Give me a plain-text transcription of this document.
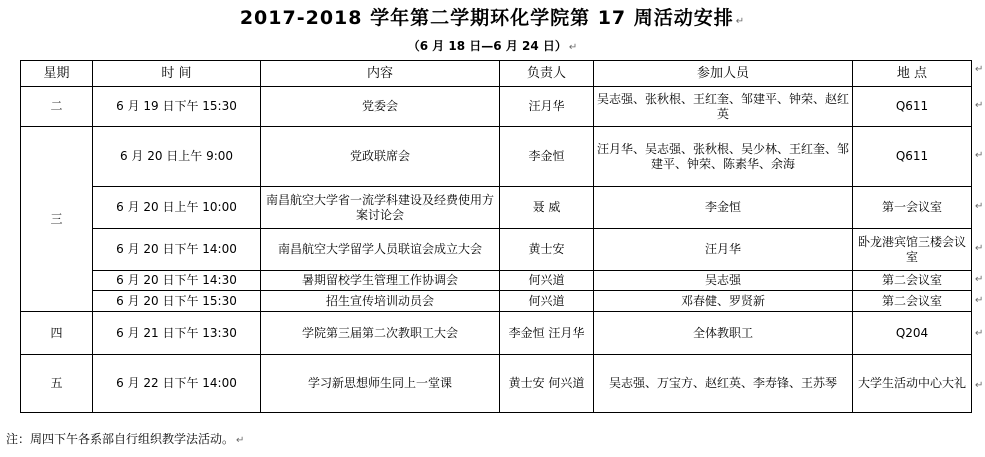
2017-2018 学年第二学期环化学院第 17 周活动安排 ↵
（6 月 18 日—6 月 24 日） ↵
星期	时 间	内容	负责人	参加人员	地 点
二	6 月 19 日下午 15:30	党委会	汪月华	吴志强、张秋根、王红奎、邹建平、钟荣、赵红英	Q611
三	6 月 20 日上午 9:00	党政联席会	李金恒	汪月华、吴志强、张秋根、吴少林、王红奎、邹建平、钟荣、陈素华、余海	Q611
	6 月 20 日上午 10:00	南昌航空大学省一流学科建设及经费使用方案讨论会	聂 威	李金恒	第一会议室
	6 月 20 日下午 14:00	南昌航空大学留学人员联谊会成立大会	黄士安	汪月华	卧龙港宾馆三楼会议室
	6 月 20 日下午 14:30	暑期留校学生管理工作协调会	何兴道	吴志强	第二会议室
	6 月 20 日下午 15:30	招生宣传培训动员会	何兴道	邓春健、罗贤新	第二会议室
四	6 月 21 日下午 13:30	学院第三届第二次教职工大会	李金恒 汪月华	全体教职工	Q204
五	6 月 22 日下午 14:00	学习新思想师生同上一堂课	黄士安 何兴道	吴志强、万宝方、赵红英、李寿锋、王苏琴	大学生活动中心大礼
↵
↵
↵
↵
↵
↵
↵
↵
↵
注：周四下午各系部自行组织教学法活动。 ↵
